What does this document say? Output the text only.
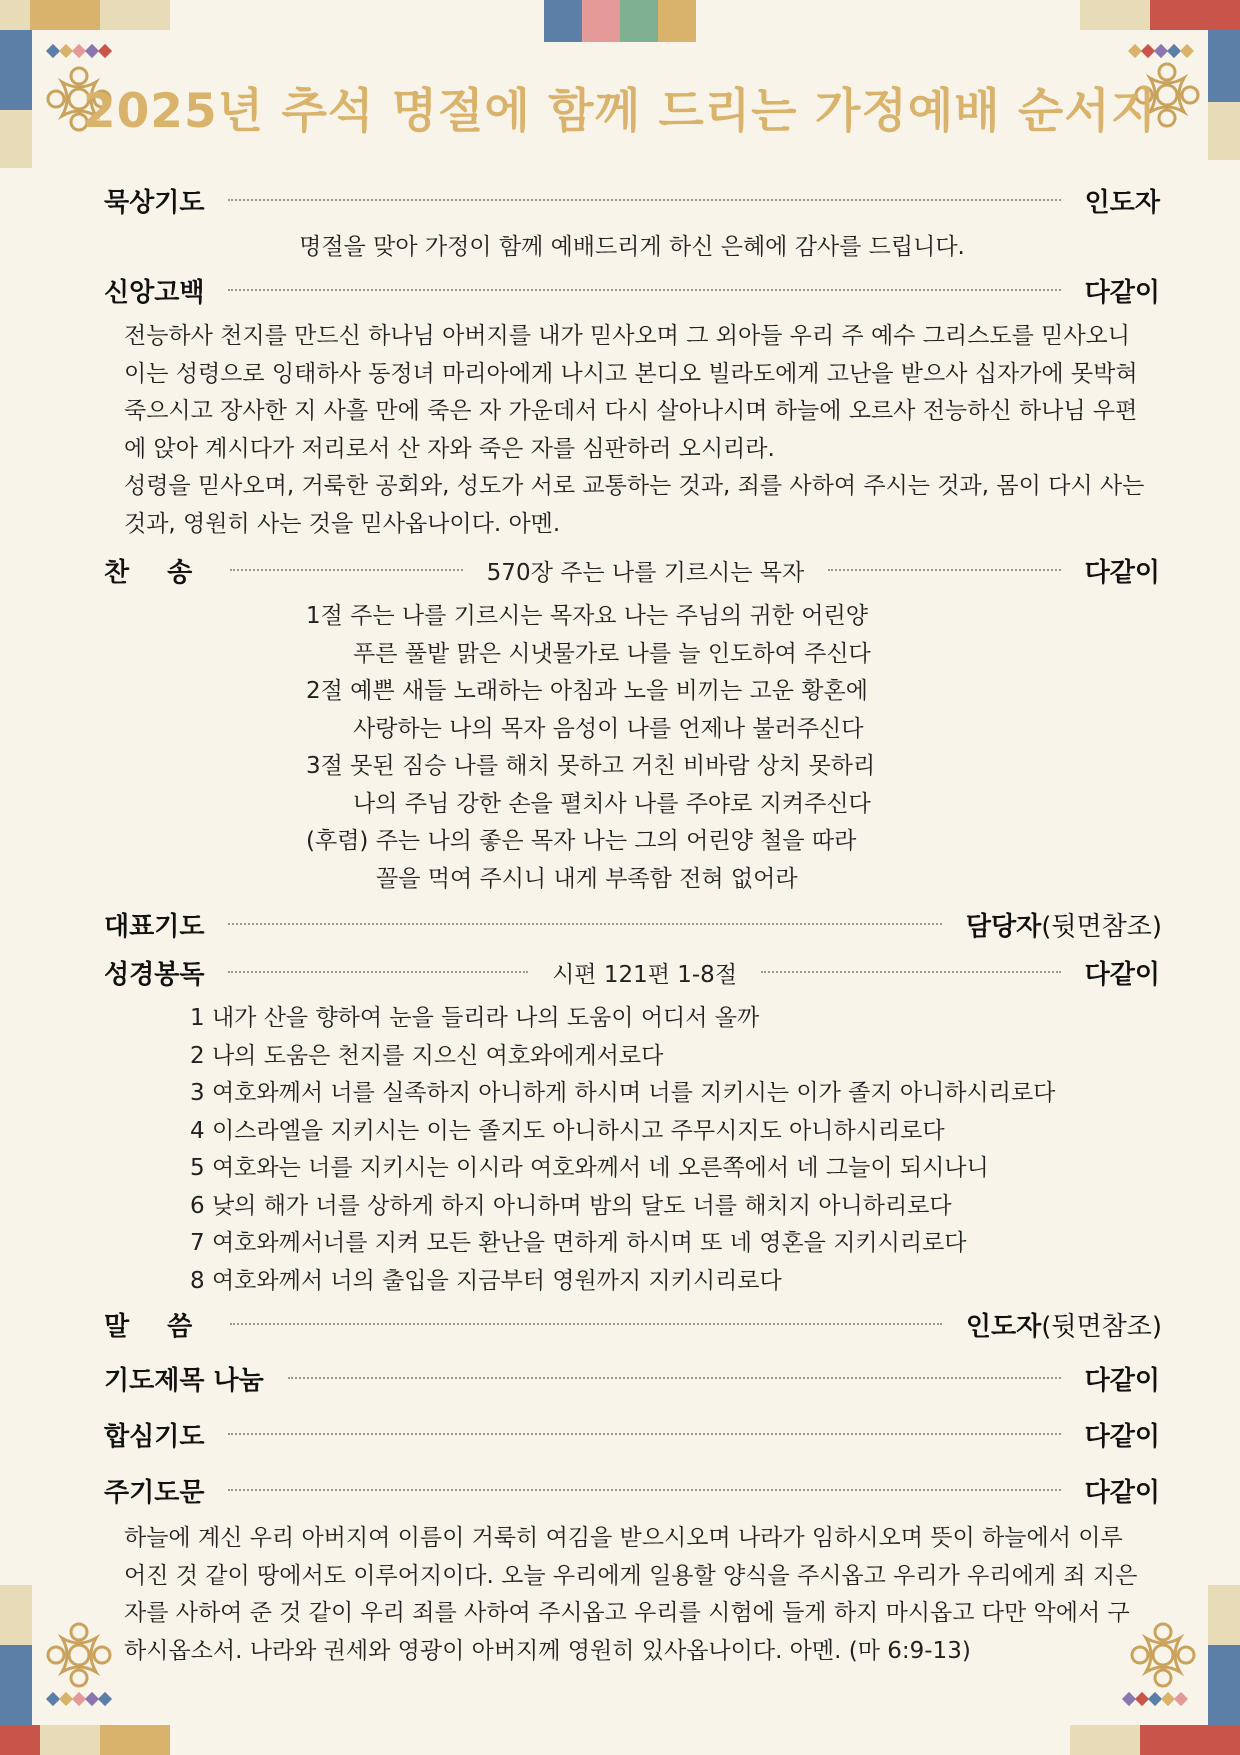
2025년 추석 명절에 함께 드리는 가정예배 순서지
묵상기도	인도자
명절을 맞아 가정이 함께 예배드리게 하신 은혜에 감사를 드립니다.
신앙고백	다같이
전능하사 천지를 만드신 하나님 아버지를 내가 믿사오며 그 외아들 우리 주 예수 그리스도를 믿사오니
이는 성령으로 잉태하사 동정녀 마리아에게 나시고 본디오 빌라도에게 고난을 받으사 십자가에 못박혀
죽으시고 장사한 지 사흘 만에 죽은 자 가운데서 다시 살아나시며 하늘에 오르사 전능하신 하나님 우편
에 앉아 계시다가 저리로서 산 자와 죽은 자를 심판하러 오시리라.
성령을 믿사오며, 거룩한 공회와, 성도가 서로 교통하는 것과, 죄를 사하여 주시는 것과, 몸이 다시 사는
것과, 영원히 사는 것을 믿사옵나이다. 아멘.
찬송	570장 주는 나를 기르시는 목자	다같이
1절 주는 나를 기르시는 목자요 나는 주님의 귀한 어린양
푸른 풀밭 맑은 시냇물가로 나를 늘 인도하여 주신다
2절 예쁜 새들 노래하는 아침과 노을 비끼는 고운 황혼에
사랑하는 나의 목자 음성이 나를 언제나 불러주신다
3절 못된 짐승 나를 해치 못하고 거친 비바람 상치 못하리
나의 주님 강한 손을 펼치사 나를 주야로 지켜주신다
(후렴) 주는 나의 좋은 목자 나는 그의 어린양 철을 따라
꼴을 먹여 주시니 내게 부족함 전혀 없어라
대표기도	담당자(뒷면참조)
성경봉독	시편 121편 1-8절	다같이
1 내가 산을 향하여 눈을 들리라 나의 도움이 어디서 올까
2 나의 도움은 천지를 지으신 여호와에게서로다
3 여호와께서 너를 실족하지 아니하게 하시며 너를 지키시는 이가 졸지 아니하시리로다
4 이스라엘을 지키시는 이는 졸지도 아니하시고 주무시지도 아니하시리로다
5 여호와는 너를 지키시는 이시라 여호와께서 네 오른쪽에서 네 그늘이 되시나니
6 낮의 해가 너를 상하게 하지 아니하며 밤의 달도 너를 해치지 아니하리로다
7 여호와께서너를 지켜 모든 환난을 면하게 하시며 또 네 영혼을 지키시리로다
8 여호와께서 너의 출입을 지금부터 영원까지 지키시리로다
말씀	인도자(뒷면참조)
기도제목 나눔	다같이
합심기도	다같이
주기도문	다같이
하늘에 계신 우리 아버지여 이름이 거룩히 여김을 받으시오며 나라가 임하시오며 뜻이 하늘에서 이루
어진 것 같이 땅에서도 이루어지이다. 오늘 우리에게 일용할 양식을 주시옵고 우리가 우리에게 죄 지은
자를 사하여 준 것 같이 우리 죄를 사하여 주시옵고 우리를 시험에 들게 하지 마시옵고 다만 악에서 구
하시옵소서. 나라와 권세와 영광이 아버지께 영원히 있사옵나이다. 아멘. (마 6:9-13)
